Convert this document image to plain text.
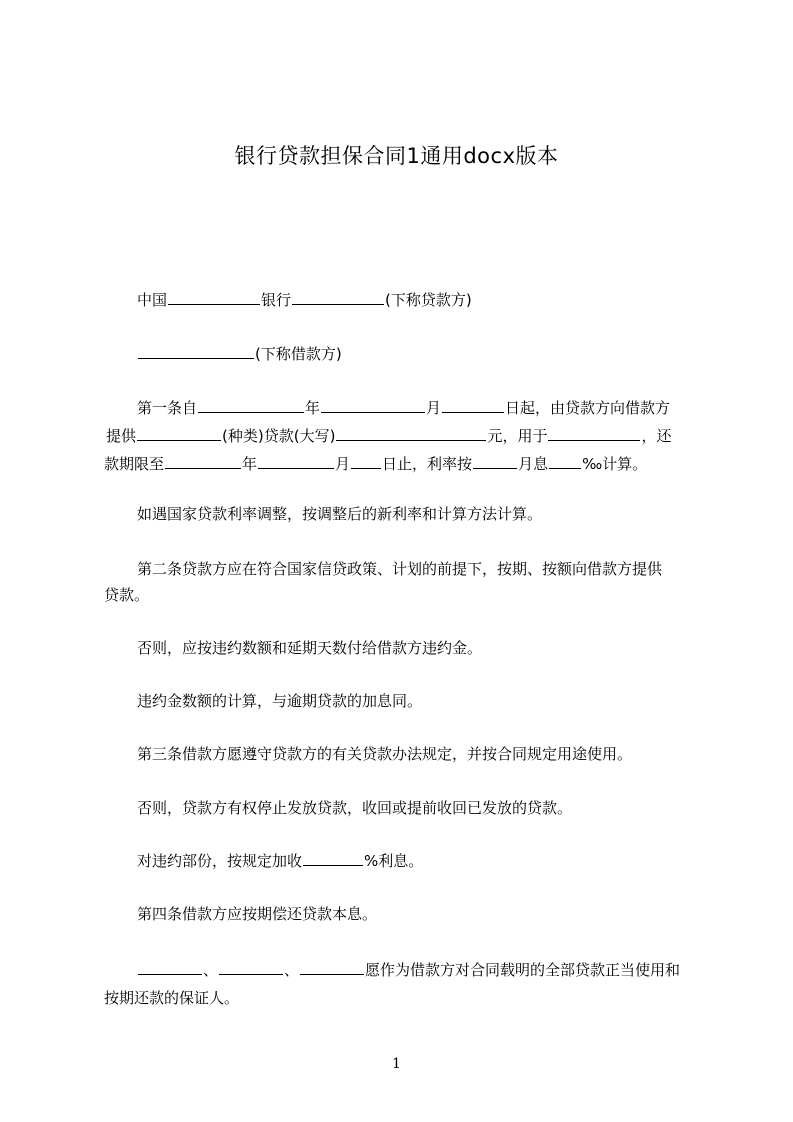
银行贷款担保合同1通用docx版本
中国	银行	(下称贷款方)
(下称借款方)
第一条自	年	月	日起，由贷款方向借款方
提供	(种类)贷款(大写)	元，用于	，还
款期限至	年	月 日止，利率按	月息 ‰计算。
如遇国家贷款利率调整，按调整后的新利率和计算方法计算。
第二条贷款方应在符合国家信贷政策、计划的前提下，按期、按额向借款方提供
贷款。
否则，应按违约数额和延期天数付给借款方违约金。
违约金数额的计算，与逾期贷款的加息同。
第三条借款方愿遵守贷款方的有关贷款办法规定，并按合同规定用途使用。
否则，贷款方有权停止发放贷款，收回或提前收回已发放的贷款。
对违约部份，按规定加收	%利息。
第四条借款方应按期偿还贷款本息。
、	、	愿作为借款方对合同载明的全部贷款正当使用和
按期还款的保证人。
1
